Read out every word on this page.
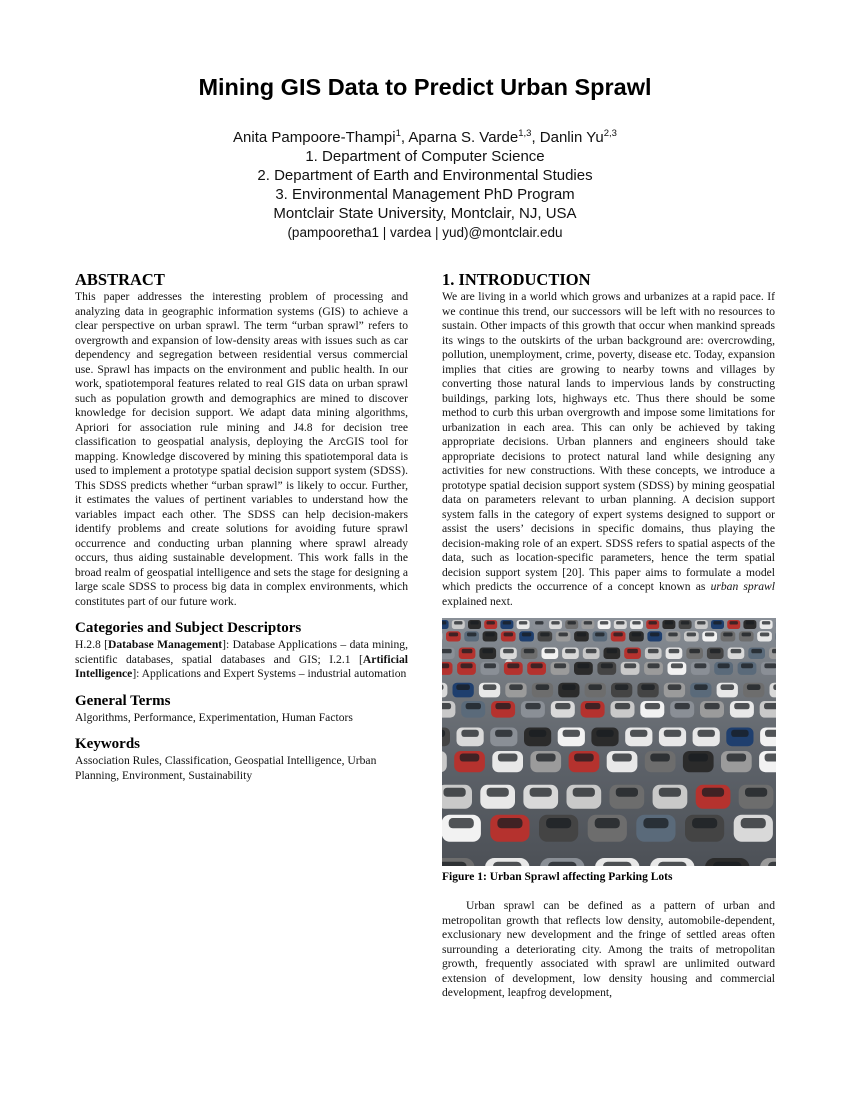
Mining GIS Data to Predict Urban Sprawl
Anita Pampoore-Thampi$^1$, Aparna S. Varde$^{1,3}$, Danlin Yu$^{2,3}$
1. Department of Computer Science
2. Department of Earth and Environmental Studies
3. Environmental Management PhD Program
Montclair State University, Montclair, NJ, USA
(pampooretha1 | vardea | yud)@montclair.edu
ABSTRACT

This paper addresses the interesting problem of processing and analyzing data in geographic information systems (GIS) to achieve a clear perspective on urban sprawl. The term “urban sprawl” refers to overgrowth and expansion of low-density areas with issues such as car dependency and segregation between residential versus commercial use. Sprawl has impacts on the environment and public health. In our work, spatiotemporal features related to real GIS data on urban sprawl such as population growth and demographics are mined to discover knowledge for decision support. We adapt data mining algorithms, Apriori for association rule mining and J4.8 for decision tree classification to geospatial analysis, deploying the ArcGIS tool for mapping. Knowledge discovered by mining this spatiotemporal data is used to implement a prototype spatial decision support system (SDSS). This SDSS predicts whether “urban sprawl” is likely to occur. Further, it estimates the values of pertinent variables to understand how the variables impact each other. The SDSS can help decision-makers identify problems and create solutions for avoiding future sprawl occurrence and conducting urban planning where sprawl already occurs, thus aiding sustainable development. This work falls in the broad realm of geospatial intelligence and sets the stage for designing a large scale SDSS to process big data in complex environments, which constitutes part of our future work.

Categories and Subject Descriptors

H.2.8 [Database Management]: Database Applications – data mining, scientific databases, spatial databases and GIS; I.2.1 [Artificial Intelligence]: Applications and Expert Systems – industrial automation

General Terms

Algorithms, Performance, Experimentation, Human Factors

Keywords

Association Rules, Classification, Geospatial Intelligence, Urban Planning, Environment, Sustainability

1. INTRODUCTION

We are living in a world which grows and urbanizes at a rapid pace. If we continue this trend, our successors will be left with no resources to sustain. Other impacts of this growth that occur when mankind spreads its wings to the outskirts of the urban background are: overcrowding, pollution, unemployment, crime, poverty, disease etc. Today, expansion implies that cities are growing to nearby towns and villages by converting those natural lands to impervious lands by constructing buildings, parking lots, highways etc. Thus there should be some method to curb this urban overgrowth and impose some limitations for urbanization in each area. This can only be achieved by taking appropriate decisions. Urban planners and engineers should take appropriate decisions to protect natural land while designing any activities for new constructions. With these concepts, we introduce a prototype spatial decision support system (SDSS) by mining geospatial data on parameters relevant to urban planning. A decision support system falls in the category of expert systems designed to support or assist the users’ decisions in specific domains, thus playing the decision-making role of an expert. SDSS refers to spatial aspects of the data, such as location-specific parameters, hence the term spatial decision support system [20]. This paper aims to formulate a model which predicts the occurrence of a concept known as urban sprawl explained next.

Figure 1: Urban Sprawl affecting Parking Lots

Urban sprawl can be defined as a pattern of urban and metropolitan growth that reflects low density, automobile-dependent, exclusionary new development and the fringe of settled areas often surrounding a deteriorating city. Among the traits of metropolitan growth, frequently associated with sprawl are unlimited outward extension of development, low density housing and commercial development, leapfrog development,
